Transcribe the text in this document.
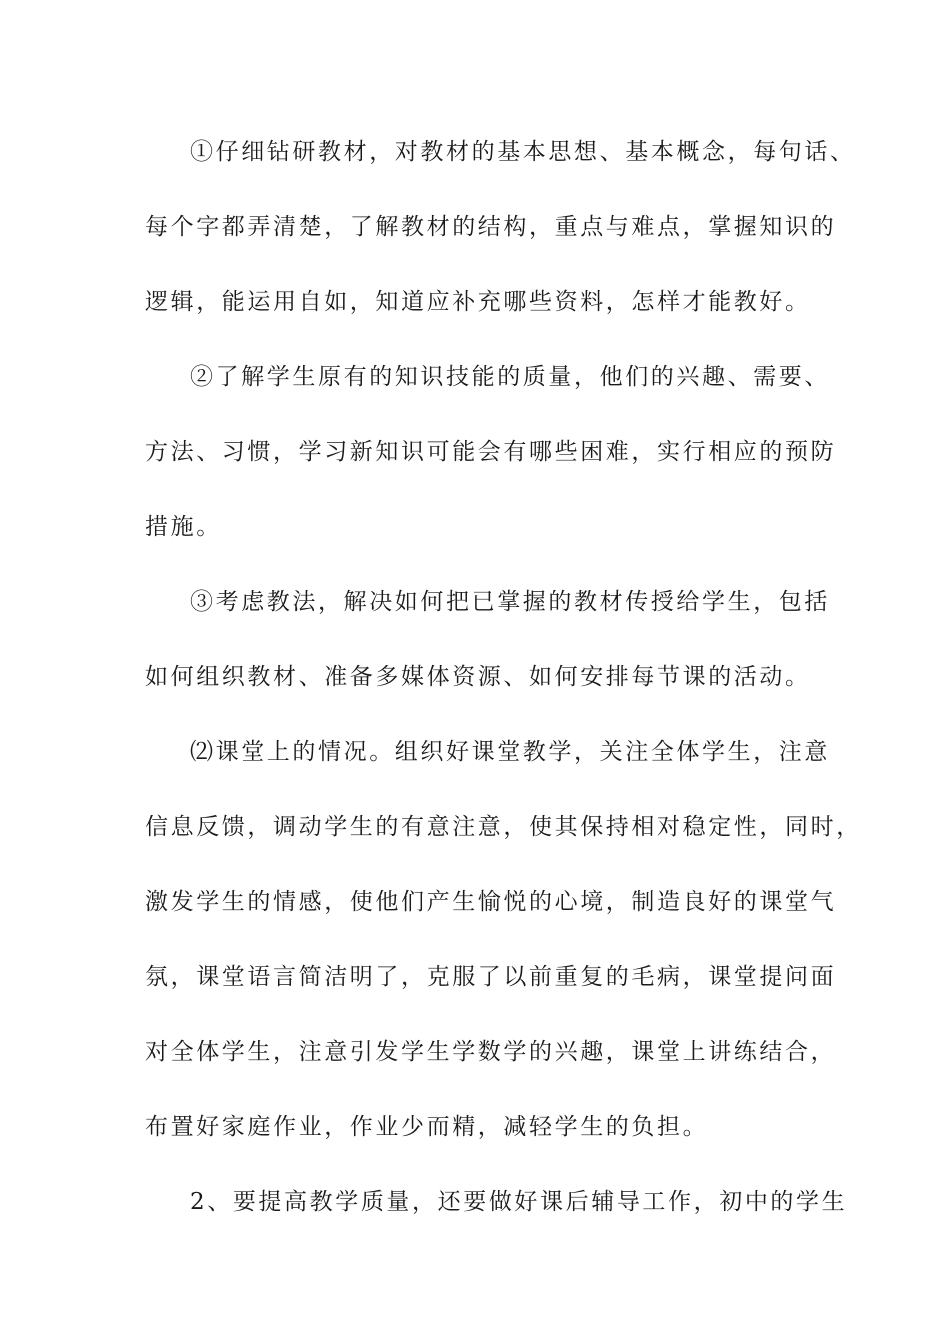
①仔细钻研教材，对教材的基本思想、基本概念，每句话、
每个字都弄清楚，了解教材的结构，重点与难点，掌握知识的
逻辑，能运用自如，知道应补充哪些资料，怎样才能教好。
②了解学生原有的知识技能的质量，他们的兴趣、需要、
方法、习惯，学习新知识可能会有哪些困难，实行相应的预防
措施。
③考虑教法，解决如何把已掌握的教材传授给学生，包括
如何组织教材、准备多媒体资源、如何安排每节课的活动。
⑵课堂上的情况。组织好课堂教学，关注全体学生，注意
信息反馈，调动学生的有意注意，使其保持相对稳定性，同时，
激发学生的情感，使他们产生愉悦的心境，制造良好的课堂气
氛，课堂语言简洁明了，克服了以前重复的毛病，课堂提问面
对全体学生，注意引发学生学数学的兴趣，课堂上讲练结合，
布置好家庭作业，作业少而精，减轻学生的负担。
2、要提高教学质量，还要做好课后辅导工作，初中的学生
